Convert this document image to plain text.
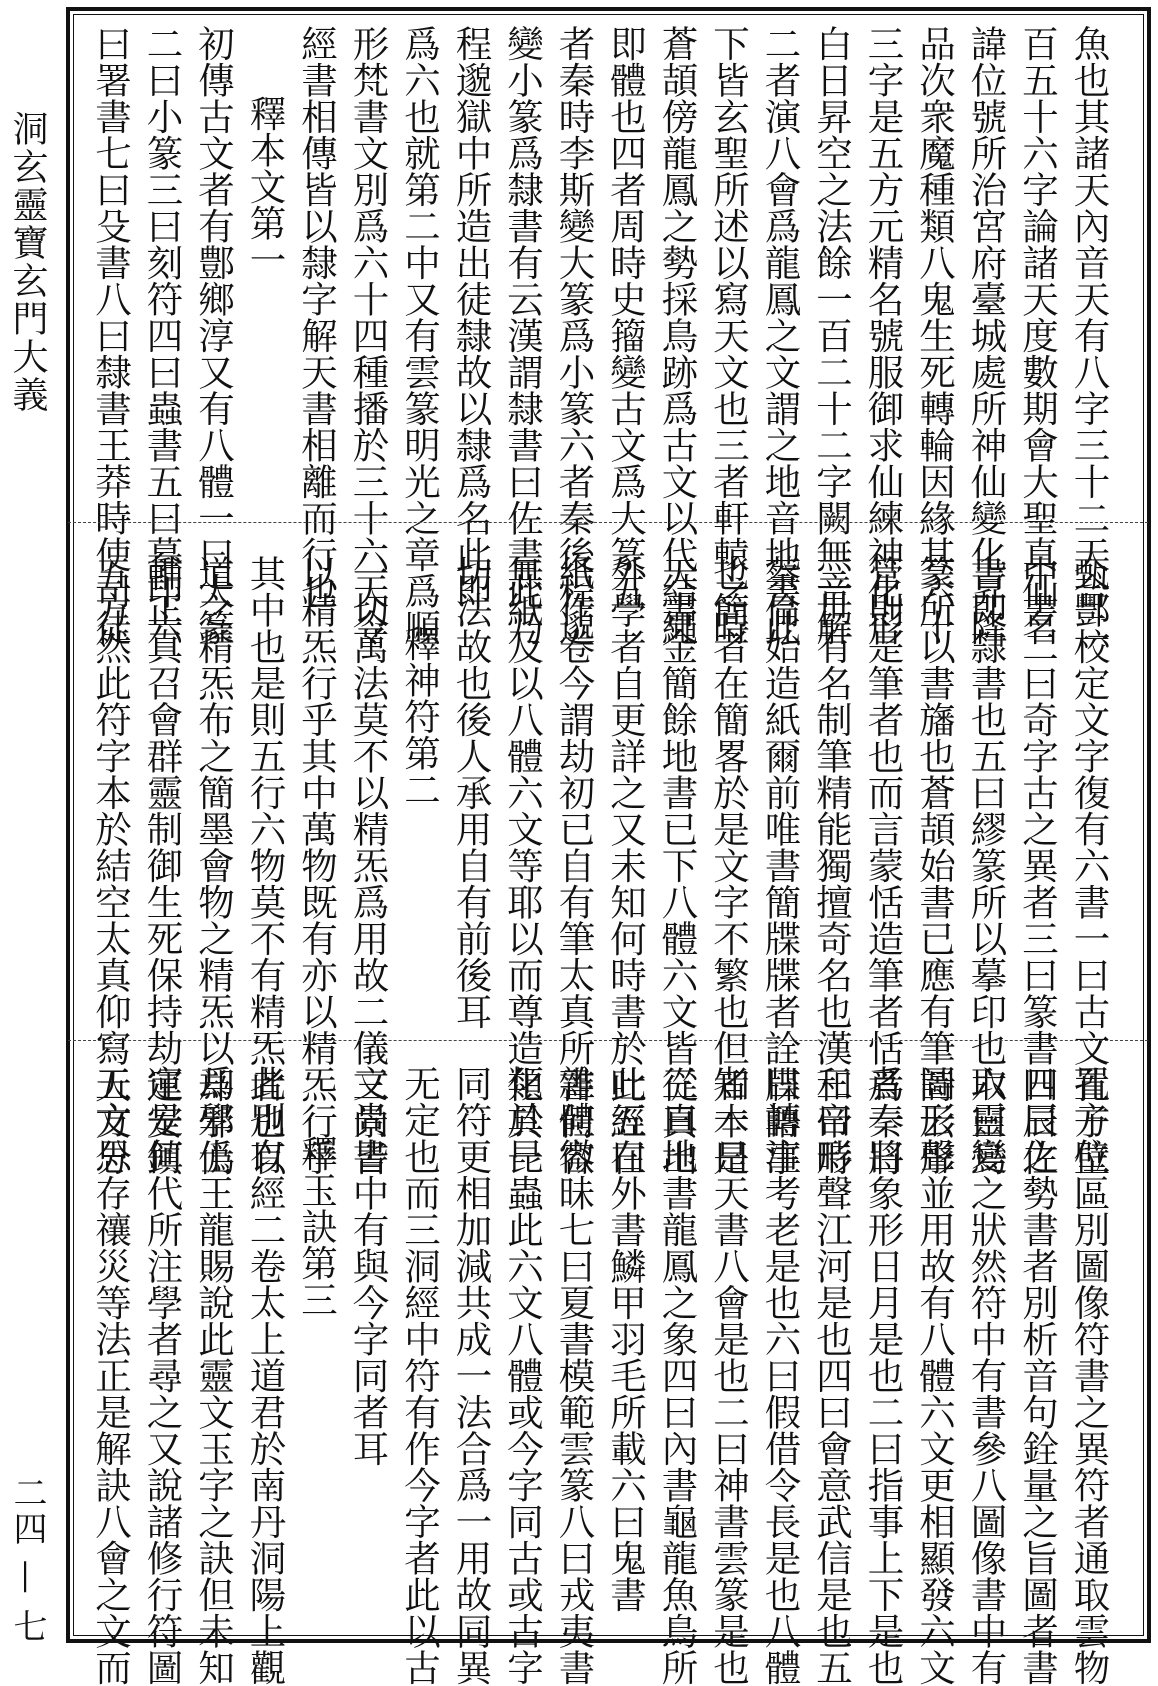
洞玄靈寶玄門大義
二四 — 七
魚也其諸天內音天有八字三十二天合二
百五十六字論諸天度數期會大聖真仙名
諱位號所治宮府臺城處所神仙變化昇降
品次衆魔種類八鬼生死轉輪因緣其六十
三字是五方元精名號服御求仙練神化形
白日昇空之法餘一百二十二字闕無音解
二者演八會爲龍鳳之文謂之地音地書此
下皆玄聖所述以寫天文也三者軒轅之時
蒼頡傍龍鳳之勢採鳥跡爲古文以代結繩
即體也四者周時史籀變古文爲大篆五
者秦時李斯變大篆爲小篆六者秦後程邈
變小篆爲隸書有云漢謂隸書曰佐書此乃
程邈獄中所造出徒隸故以隸爲名此即
爲六也就第二中又有雲篆明光之章爲順
形梵書文別爲六十四種播於三十六天令
經書相傳皆以隸字解天書相離而行也
釋本文第一
初傳古文者有鄷鄉淳又有八體一曰大篆
二曰小篆三曰刻符四曰蟲書五曰摹印六
曰署書七曰殳書八曰隸書王莽時使司徒
甄酆校定文字復有六書一曰古文孔子壁
中書二曰奇字古之異者三曰篆書四曰佐
書即隸書也五曰繆篆所以摹印也六曰鳥
篆所以書旛也蒼頡始書已應有筆詩云彤
管則是筆者也而言蒙恬造筆者恬爲秦將
三世有名制筆精能獨擅奇名也漢和帝時
蔡倫始造紙爾前唯書簡牒牒者詮牒語事
也簡者在簡畧於是文字不繁也但知本是
天書金簡餘地書已下八體六文皆從真出
外學者自更詳之又未知何時書於此經在
紙作卷今謂劫初已自有筆太真所書何容
無紙及以八體六文等耶以而尊造化具一
切法故也後人承用自有前後耳
釋神符第二
一切萬法莫不以精炁爲用故二儀三景皆
以精炁行乎其中萬物既有亦以精炁行乎
其中也是則五行六物莫不有精炁者也以
道之精炁布之簡墨會物之精炁以却邪僞
輔正真召會群靈制御生死保持劫運安鎮
五方然此符字本於結空太真仰寫天文分
置方位區別圖像符書之異符者通取雲物
日辰之勢書者別析音句銓量之旨圖者書
取靈變之狀然符中有書參八圖像書中有
圖形聲並用故有八體六文更相顯發六文
者一曰象形日月是也二曰指事上下是也
三曰形聲江河是也四曰會意武信是也五
曰轉注考老是也六曰假借令長是也八體
者一曰天書八會是也二曰神書雲篆是也
三曰地書龍鳳之象四曰內書龜龍魚鳥所
吐五曰外書鱗甲羽毛所載六曰鬼書
雜體微昧七曰夏書模範雲篆八曰戎夷書
類於昆蟲此六文八體或今字同古或古字
同符更相加減共成一法合爲一用故同異
无定也而三洞經中符有作今字者此以古
文尚書中有與今字同者耳
釋玉訣第三
此別有經二卷太上道君於南丹洞陽上觀
爲學士王龍賜說此靈文玉字之訣但未知
定是何代所注學者尋之又說諸修行符圖
五方思存禳災等法正是解訣八會之文而
